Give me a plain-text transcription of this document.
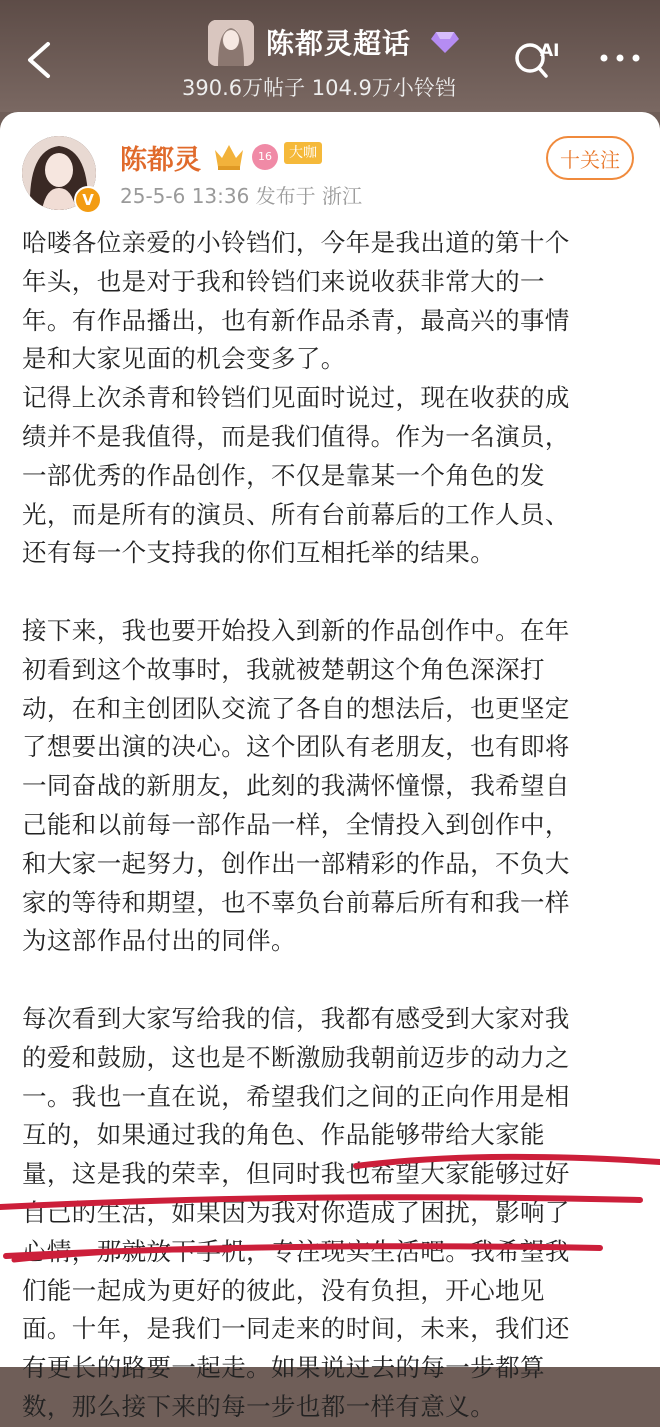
陈都灵超话
390.6万帖子 104.9万小铃铛
AI
V
陈都灵	16	大咖
25-5-6 13:36 发布于 浙江
十关注

哈喽各位亲爱的小铃铛们，今年是我出道的第十个

年头，也是对于我和铃铛们来说收获非常大的一

年。有作品播出，也有新作品杀青，最高兴的事情

是和大家见面的机会变多了。

记得上次杀青和铃铛们见面时说过，现在收获的成

绩并不是我值得，而是我们值得。作为一名演员，

一部优秀的作品创作，不仅是靠某一个角色的发

光，而是所有的演员、所有台前幕后的工作人员、

还有每一个支持我的你们互相托举的结果。

接下来，我也要开始投入到新的作品创作中。在年

初看到这个故事时，我就被楚朝这个角色深深打

动，在和主创团队交流了各自的想法后，也更坚定

了想要出演的决心。这个团队有老朋友，也有即将

一同奋战的新朋友，此刻的我满怀憧憬，我希望自

己能和以前每一部作品一样，全情投入到创作中，

和大家一起努力，创作出一部精彩的作品，不负大

家的等待和期望，也不辜负台前幕后所有和我一样

为这部作品付出的同伴。

每次看到大家写给我的信，我都有感受到大家对我

的爱和鼓励，这也是不断激励我朝前迈步的动力之

一。我也一直在说，希望我们之间的正向作用是相

互的，如果通过我的角色、作品能够带给大家能

量，这是我的荣幸，但同时我也希望大家能够过好

自己的生活，如果因为我对你造成了困扰，影响了

心情，那就放下手机，专注现实生活吧。我希望我

们能一起成为更好的彼此，没有负担，开心地见

面。十年，是我们一同走来的时间，未来，我们还

有更长的路要一起走。如果说过去的每一步都算

数，那么接下来的每一步也都一样有意义。
